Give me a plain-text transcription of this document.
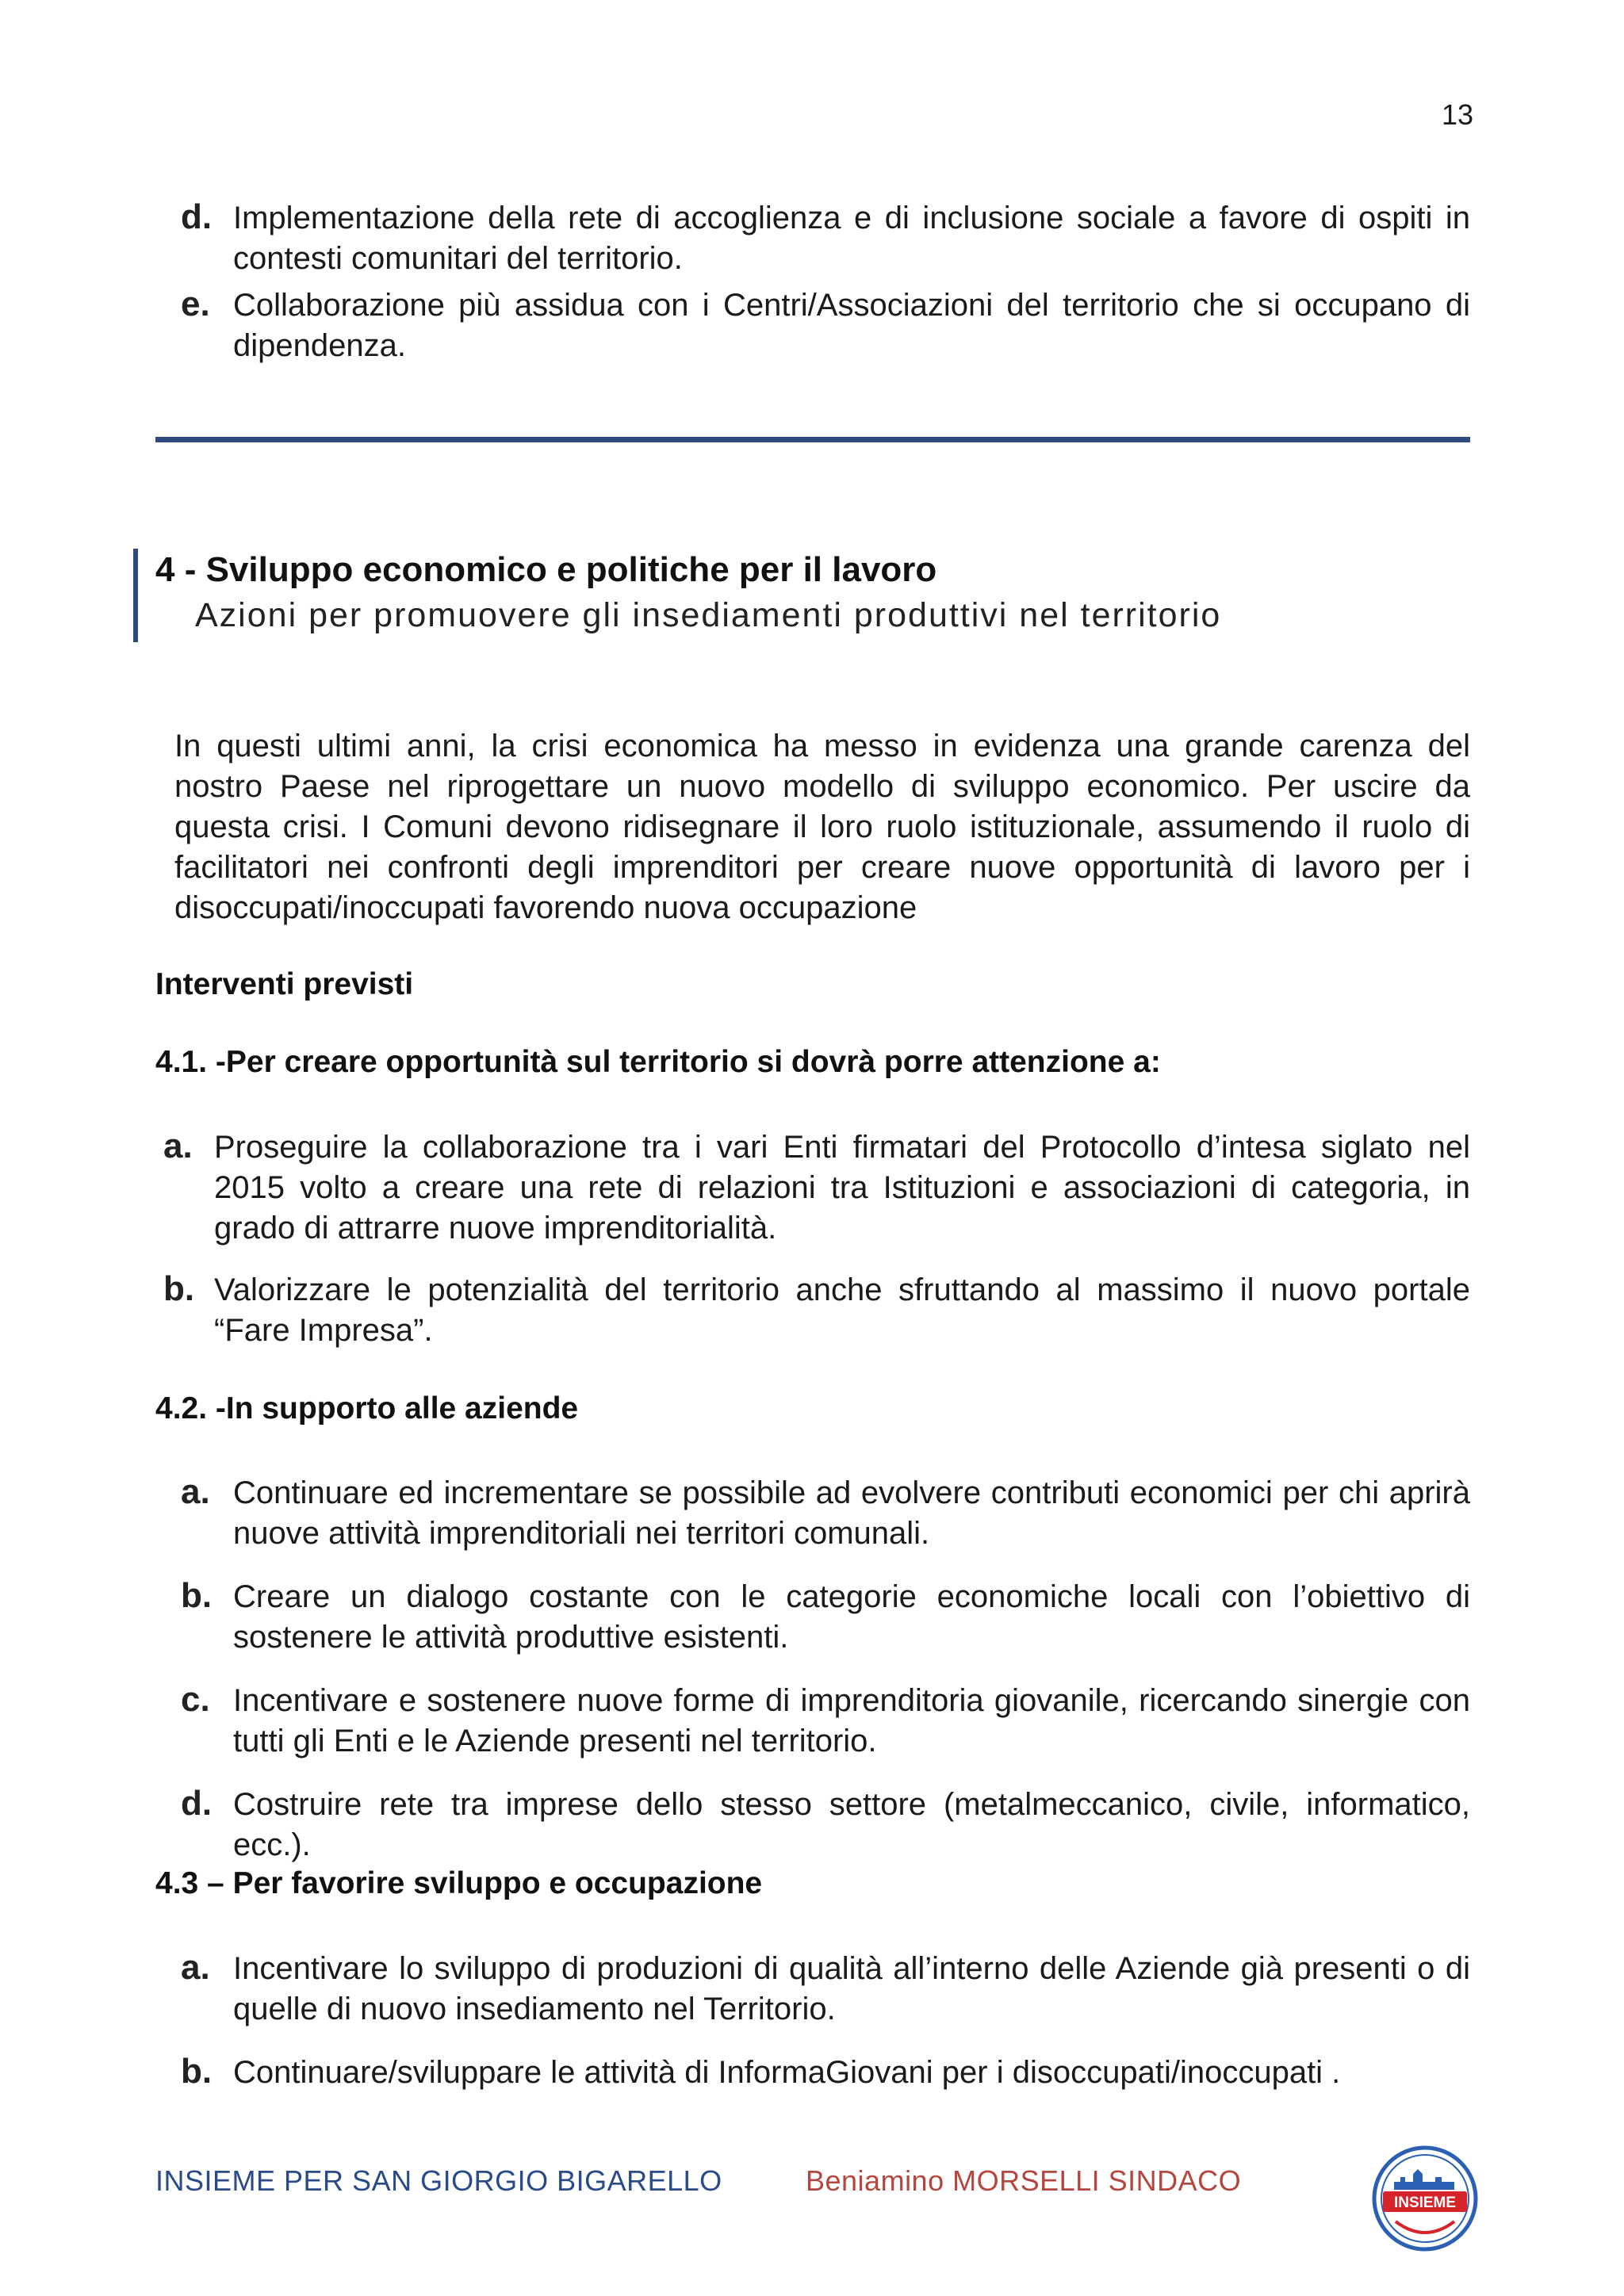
13
d. Implementazione della rete di accoglienza e di inclusione sociale a favore di ospiti in contesti comunitari del territorio.
e. Collaborazione più assidua con i Centri/Associazioni del territorio che si occupano di dipendenza.
4 - Sviluppo economico e politiche per il lavoro
Azioni per promuovere gli insediamenti produttivi nel territorio

In questi ultimi anni, la crisi economica ha messo in evidenza una grande carenza del nostro Paese nel riprogettare un nuovo modello di sviluppo economico. Per uscire da questa crisi. I Comuni devono ridisegnare il loro ruolo istituzionale, assumendo il ruolo di facilitatori nei confronti degli imprenditori per creare nuove opportunità di lavoro per i disoccupati/inoccupati favorendo nuova occupazione

Interventi previsti
4.1. -Per creare opportunità sul territorio si dovrà porre attenzione a:
a. Proseguire la collaborazione tra i vari Enti firmatari del Protocollo d’intesa siglato nel 2015 volto a creare una rete di relazioni tra Istituzioni e associazioni di categoria, in grado di attrarre nuove imprenditorialità.
b. Valorizzare le potenzialità del territorio anche sfruttando al massimo il nuovo portale “Fare Impresa”.
4.2. -In supporto alle aziende
a. Continuare ed incrementare se possibile ad evolvere contributi economici per chi aprirà nuove attività imprenditoriali nei territori comunali.
b. Creare un dialogo costante con le categorie economiche locali con l’obiettivo di sostenere le attività produttive esistenti.
c. Incentivare e sostenere nuove forme di imprenditoria giovanile, ricercando sinergie con tutti gli Enti e le Aziende presenti nel territorio.
d. Costruire rete tra imprese dello stesso settore (metalmeccanico, civile, informatico, ecc.).
4.3 – Per favorire sviluppo e occupazione
a. Incentivare lo sviluppo di produzioni di qualità all’interno delle Aziende già presenti o di quelle di nuovo insediamento nel Territorio.
b. Continuare/sviluppare le attività di InformaGiovani per i disoccupati/inoccupati .
INSIEME PER SAN GIORGIO BIGARELLO	Beniamino MORSELLI SINDACO
INSIEME
